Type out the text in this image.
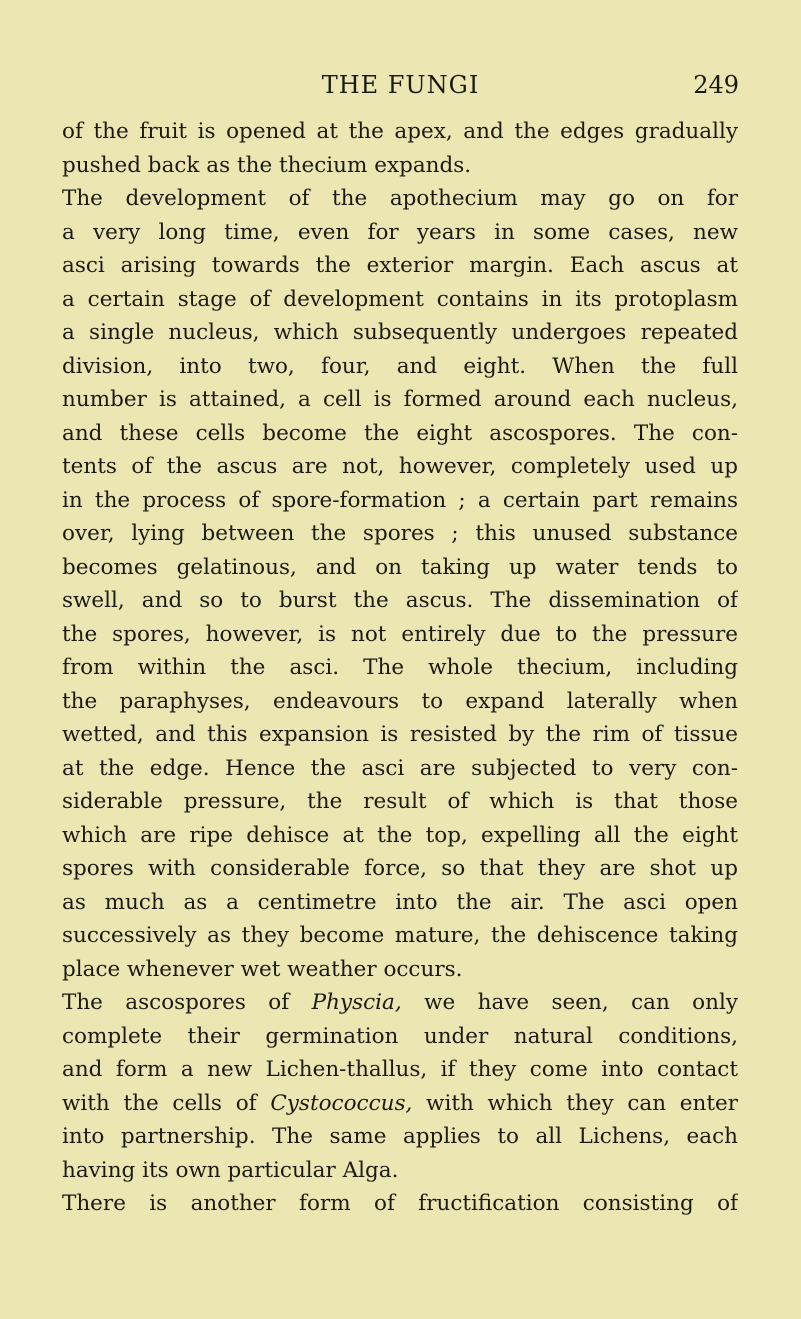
THE FUNGI	249
of the fruit is opened at the apex, and the edges gradually
pushed back as the thecium expands.
The development of the apothecium may go on for
a very long time, even for years in some cases, new
asci arising towards the exterior margin. Each ascus at
a certain stage of development contains in its protoplasm
a single nucleus, which subsequently undergoes repeated
division, into two, four, and eight. When the full
number is attained, a cell is formed around each nucleus,
and these cells become the eight ascospores. The con-
tents of the ascus are not, however, completely used up
in the process of spore-formation ; a certain part remains
over, lying between the spores ; this unused substance
becomes gelatinous, and on taking up water tends to
swell, and so to burst the ascus. The dissemination of
the spores, however, is not entirely due to the pressure
from within the asci. The whole thecium, including
the paraphyses, endeavours to expand laterally when
wetted, and this expansion is resisted by the rim of tissue
at the edge. Hence the asci are subjected to very con-
siderable pressure, the result of which is that those
which are ripe dehisce at the top, expelling all the eight
spores with considerable force, so that they are shot up
as much as a centimetre into the air. The asci open
successively as they become mature, the dehiscence taking
place whenever wet weather occurs.
The ascospores of Physcia, we have seen, can only
complete their germination under natural conditions,
and form a new Lichen-thallus, if they come into contact
with the cells of Cystococcus, with which they can enter
into partnership. The same applies to all Lichens, each
having its own particular Alga.
There is another form of fructification consisting of
